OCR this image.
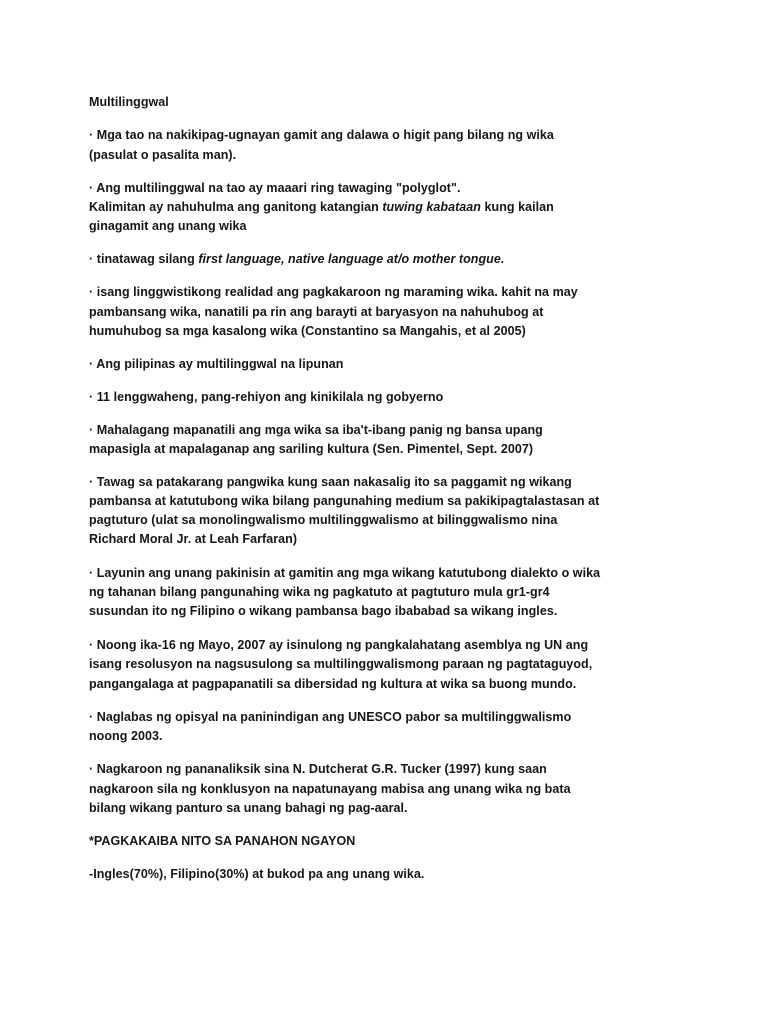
Multilinggwal
· Mga tao na nakikipag-ugnayan gamit ang dalawa o higit pang bilang ng wika
(pasulat o pasalita man).
· Ang multilinggwal na tao ay maaari ring tawaging "polyglot".
Kalimitan ay nahuhulma ang ganitong katangian tuwing kabataan kung kailan
ginagamit ang unang wika
· tinatawag silang first language, native language at/o mother tongue.
· isang linggwistikong realidad ang pagkakaroon ng maraming wika. kahit na may
pambansang wika, nanatili pa rin ang barayti at baryasyon na nahuhubog at
humuhubog sa mga kasalong wika (Constantino sa Mangahis, et al 2005)
· Ang pilipinas ay multilinggwal na lipunan
· 11 lenggwaheng, pang-rehiyon ang kinikilala ng gobyerno
· Mahalagang mapanatili ang mga wika sa iba't-ibang panig ng bansa upang
mapasigla at mapalaganap ang sariling kultura (Sen. Pimentel, Sept. 2007)
· Tawag sa patakarang pangwika kung saan nakasalig ito sa paggamit ng wikang
pambansa at katutubong wika bilang pangunahing medium sa pakikipagtalastasan at
pagtuturo (ulat sa monolingwalismo multilinggwalismo at bilinggwalismo nina
Richard Moral Jr. at Leah Farfaran)
· Layunin ang unang pakinisin at gamitin ang mga wikang katutubong dialekto o wika
ng tahanan bilang pangunahing wika ng pagkatuto at pagtuturo mula gr1-gr4
susundan ito ng Filipino o wikang pambansa bago ibababad sa wikang ingles.
· Noong ika-16 ng Mayo, 2007 ay isinulong ng pangkalahatang asemblya ng UN ang
isang resolusyon na nagsusulong sa multilinggwalismong paraan ng pagtataguyod,
pangangalaga at pagpapanatili sa dibersidad ng kultura at wika sa buong mundo.
· Naglabas ng opisyal na paninindigan ang UNESCO pabor sa multilinggwalismo
noong 2003.
· Nagkaroon ng pananaliksik sina N. Dutcherat G.R. Tucker (1997) kung saan
nagkaroon sila ng konklusyon na napatunayang mabisa ang unang wika ng bata
bilang wikang panturo sa unang bahagi ng pag-aaral.
*PAGKAKAIBA NITO SA PANAHON NGAYON
-Ingles(70%), Filipino(30%) at bukod pa ang unang wika.
